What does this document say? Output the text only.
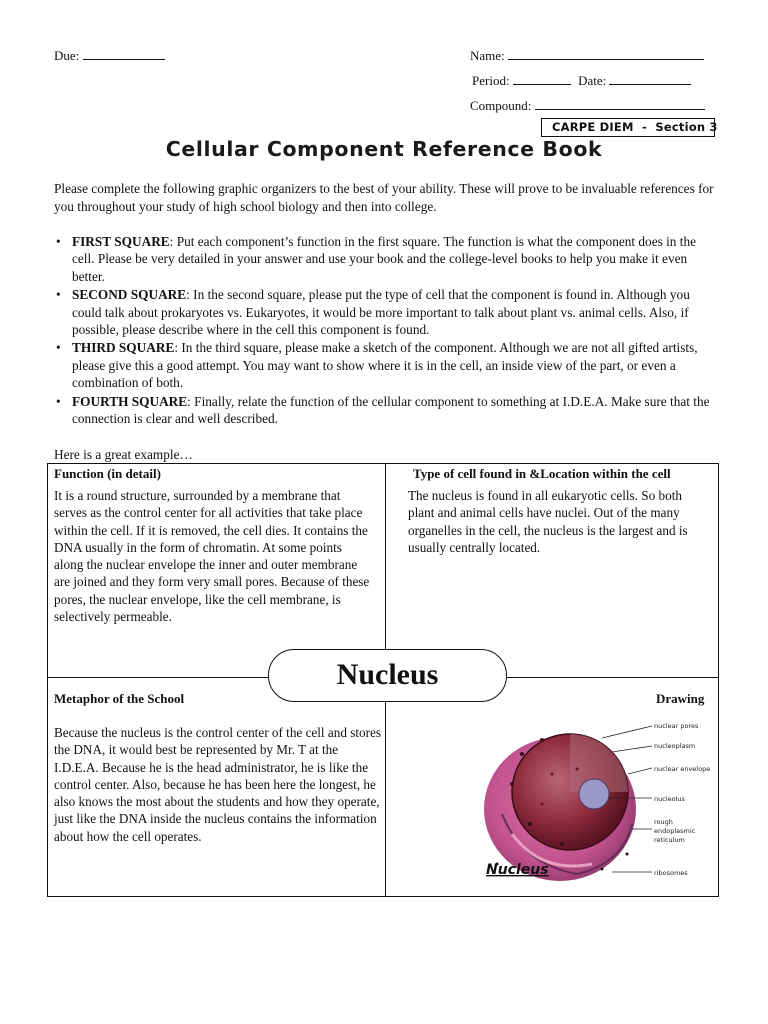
Due:	Name:
Period:	Date:
Compound:
CARPE DIEM  -  Section 3
Cellular Component Reference Book
Please complete the following graphic organizers to the best of your ability. These will prove to be invaluable references for you throughout your study of high school biology and then into college.
• FIRST SQUARE: Put each component’s function in the first square. The function is what the component does in the cell. Please be very detailed in your answer and use your book and the college-level books to help you make it even better.
• SECOND SQUARE: In the second square, please put the type of cell that the component is found in. Although you could talk about prokaryotes vs. Eukaryotes, it would be more important to talk about plant vs. animal cells. Also, if possible, please describe where in the cell this component is found.
• THIRD SQUARE: In the third square, please make a sketch of the component. Although we are not all gifted artists, please give this a good attempt. You may want to show where it is in the cell, an inside view of the part, or even a combination of both.
• FOURTH SQUARE: Finally, relate the function of the cellular component to something at I.D.E.A. Make sure that the connection is clear and well described.
Here is a great example…
Function (in detail)
It is a round structure, surrounded by a membrane that serves as the control center for all activities that take place within the cell. If it is removed, the cell dies. It contains the DNA usually in the form of chromatin. At some points along the nuclear envelope the inner and outer membrane are joined and they form very small pores. Because of these pores, the nuclear envelope, like the cell membrane, is selectively permeable.
Type of cell found in &Location within the cell
The nucleus is found in all eukaryotic cells. So both plant and animal cells have nuclei. Out of the many organelles in the cell, the nucleus is the largest and is usually centrally located.
Metaphor of the School
Because the nucleus is the control center of the cell and stores the DNA, it would best be represented by Mr. T at the I.D.E.A. Because he is the head administrator, he is like the control center. Also, because he has been here the longest, he also knows the most about the students and how they operate, just like the DNA inside the nucleus contains the information about how the cell operates.
Drawing
Nucleus
nuclear pores
nucleoplasm
nuclear envelope
nucleolus
rough
endoplasmic
reticulum
ribosomes
Nucleus
